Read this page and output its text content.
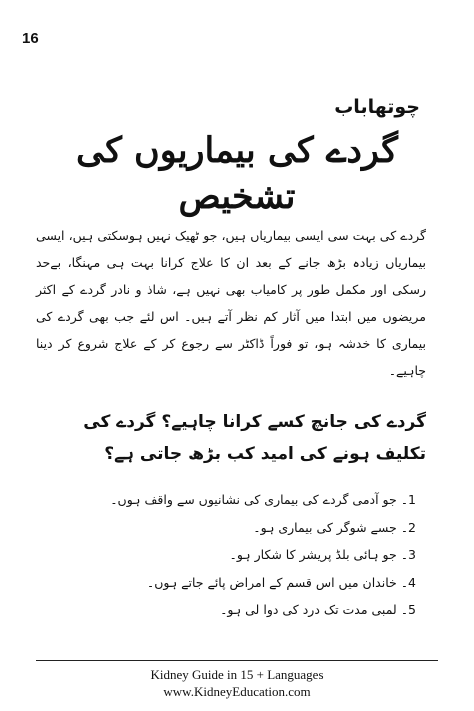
16
چوتھاباب
گردے کی بیماریوں کی تشخیص

گردے کی بہت سی ایسی بیماریاں ہیں، جو ٹھیک نہیں ہوسکتی ہیں، ایسی بیماریاں زیادہ بڑھ جانے کے بعد ان کا علاج کرانا بہت ہی مہنگا، بےحد رسکی اور مکمل طور پر کامیاب بھی نہیں ہے، شاذ و نادر گردے کے اکثر مریضوں میں ابتدا میں آثار کم نظر آتے ہیں۔ اس لئے جب بھی گردے کی بیماری کا خدشہ ہو، تو فوراً ڈاکٹر سے رجوع کر کے علاج شروع کر دینا چاہیے۔

گردے کی جانچ کسے کرانا چاہیے؟ گردے کی تکلیف ہونے کی امید کب بڑھ جاتی ہے؟
1۔ جو آدمی گردے کی بیماری کی نشانیوں سے واقف ہوں۔
2۔ جسے شوگر کی بیماری ہو۔
3۔ جو ہائی بلڈ پریشر کا شکار ہو۔
4۔ خاندان میں اس قسم کے امراض پائے جاتے ہوں۔
5۔ لمبی مدت تک درد کی دوا لی ہو۔
Kidney Guide in 15 + Languages
www.KidneyEducation.com
